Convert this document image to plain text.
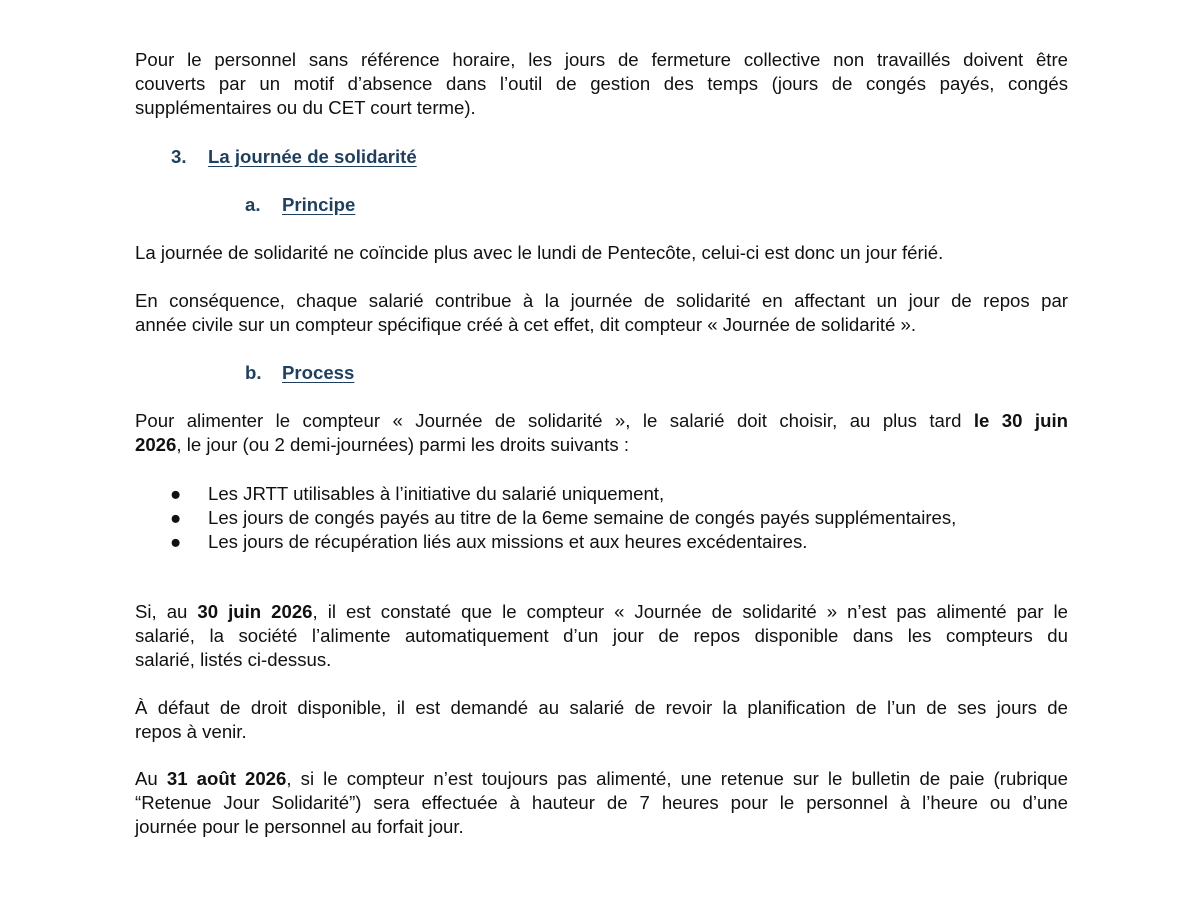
Pour le personnel sans référence horaire, les jours de fermeture collective non travaillés doivent être
couverts par un motif d’absence dans l’outil de gestion des temps (jours de congés payés, congés
supplémentaires ou du CET court terme).
3. La journée de solidarité
a. Principe
La journée de solidarité ne coïncide plus avec le lundi de Pentecôte, celui-ci est donc un jour férié.
En conséquence, chaque salarié contribue à la journée de solidarité en affectant un jour de repos par
année civile sur un compteur spécifique créé à cet effet, dit compteur « Journée de solidarité ».
b. Process
Pour alimenter le compteur « Journée de solidarité », le salarié doit choisir, au plus tard le 30 juin
2026, le jour (ou 2 demi-journées) parmi les droits suivants :
● Les JRTT utilisables à l’initiative du salarié uniquement,
● Les jours de congés payés au titre de la 6eme semaine de congés payés supplémentaires,
● Les jours de récupération liés aux missions et aux heures excédentaires.
Si, au 30 juin 2026, il est constaté que le compteur « Journée de solidarité » n’est pas alimenté par le
salarié, la société l’alimente automatiquement d’un jour de repos disponible dans les compteurs du
salarié, listés ci-dessus.
À défaut de droit disponible, il est demandé au salarié de revoir la planification de l’un de ses jours de
repos à venir.
Au 31 août 2026, si le compteur n’est toujours pas alimenté, une retenue sur le bulletin de paie (rubrique
“Retenue Jour Solidarité”) sera effectuée à hauteur de 7 heures pour le personnel à l’heure ou d’une
journée pour le personnel au forfait jour.
